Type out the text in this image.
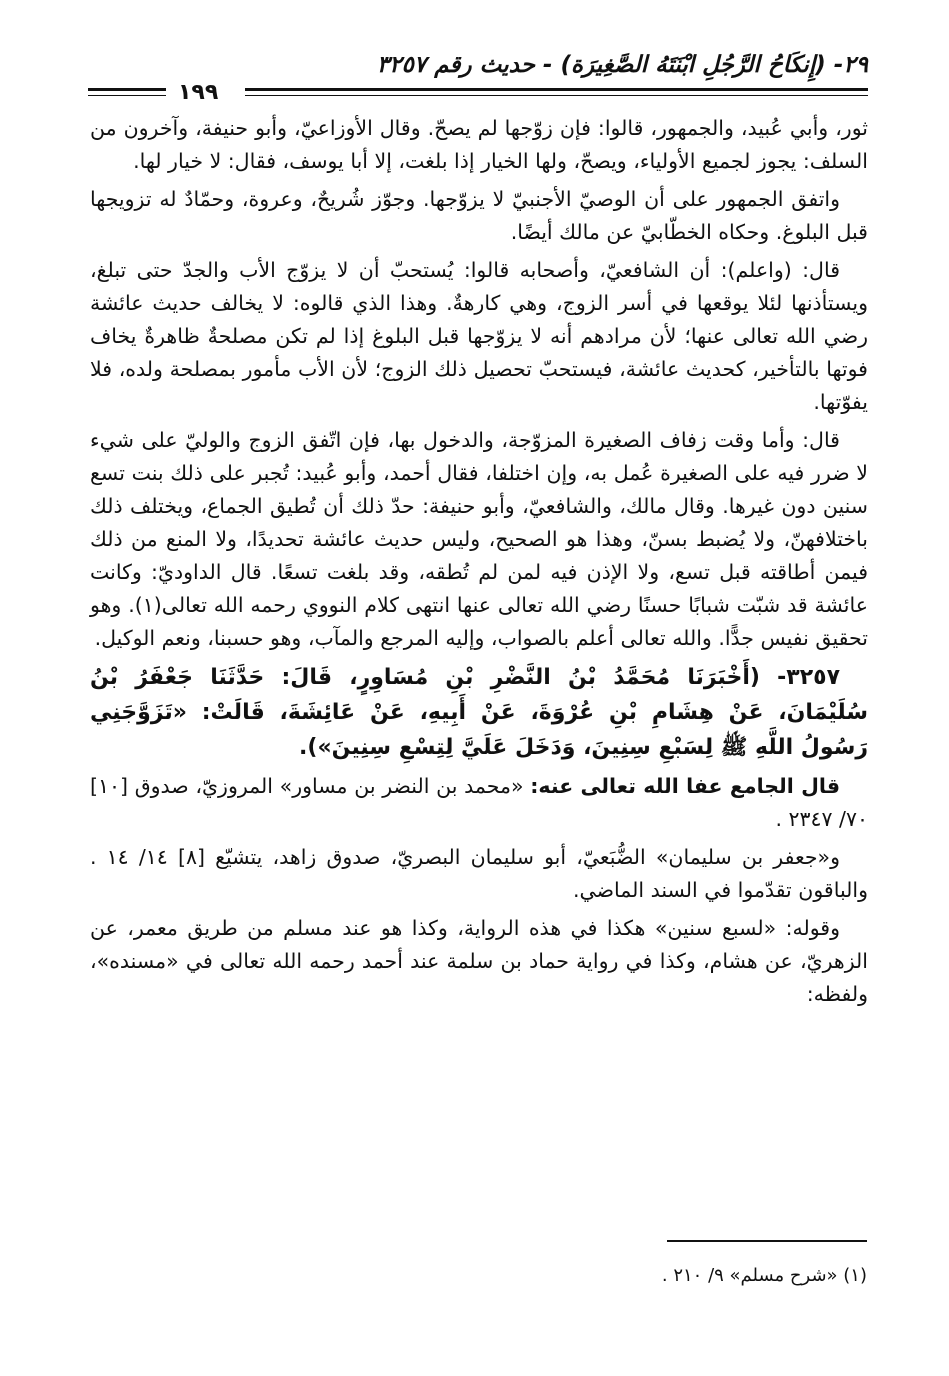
٢٩- (إِنكَاحُ الرَّجُلِ ابْنَتَهُ الصَّغِيرَة) - حديث رقم ٣٢٥٧
١٩٩

ثور، وأبي عُبيد، والجمهور، قالوا: فإن زوّجها لم يصحّ. وقال الأوزاعيّ، وأبو حنيفة، وآخرون من السلف: يجوز لجميع الأولياء، ويصحّ، ولها الخيار إذا بلغت، إلا أبا يوسف، فقال: لا خيار لها.

واتفق الجمهور على أن الوصيّ الأجنبيّ لا يزوّجها. وجوّز شُريحٌ، وعروة، وحمّادٌ له تزويجها قبل البلوغ. وحكاه الخطّابيّ عن مالك أيضًا.

قال: (واعلم): أن الشافعيّ، وأصحابه قالوا: يُستحبّ أن لا يزوّج الأب والجدّ حتى تبلغ، ويستأذنها لئلا يوقعها في أسر الزوج، وهي كارهةٌ. وهذا الذي قالوه: لا يخالف حديث عائشة رضي الله تعالى عنها؛ لأن مرادهم أنه لا يزوّجها قبل البلوغ إذا لم تكن مصلحةٌ ظاهرةٌ يخاف فوتها بالتأخير، كحديث عائشة، فيستحبّ تحصيل ذلك الزوج؛ لأن الأب مأمور بمصلحة ولده، فلا يفوّتها.

قال: وأما وقت زفاف الصغيرة المزوّجة، والدخول بها، فإن اتّفق الزوج والوليّ على شيء لا ضرر فيه على الصغيرة عُمل به، وإن اختلفا، فقال أحمد، وأبو عُبيد: تُجبر على ذلك بنت تسع سنين دون غيرها. وقال مالك، والشافعيّ، وأبو حنيفة: حدّ ذلك أن تُطيق الجماع، ويختلف ذلك باختلافهنّ، ولا يُضبط بسنّ، وهذا هو الصحيح، وليس حديث عائشة تحديدًا، ولا المنع من ذلك فيمن أطاقته قبل تسع، ولا الإذن فيه لمن لم تُطقه، وقد بلغت تسعًا. قال الداوديّ: وكانت عائشة قد شبّت شبابًا حسنًا رضي الله تعالى عنها انتهى كلام النووي رحمه الله تعالى(١). وهو تحقيق نفيس جدًّا. والله تعالى أعلم بالصواب، وإليه المرجع والمآب، وهو حسبنا، ونعم الوكيل.

٣٢٥٧- (أَخْبَرَنَا مُحَمَّدُ بْنُ النَّضْرِ بْنِ مُسَاوِرٍ، قَالَ: حَدَّثَنَا جَعْفَرُ بْنُ سُلَيْمَانَ، عَنْ هِشَامِ بْنِ عُرْوَةَ، عَنْ أَبِيهِ، عَنْ عَائِشَةَ، قَالَتْ: «تَزَوَّجَنِي رَسُولُ اللَّهِ ﷺ لِسَبْعِ سِنِينَ، وَدَخَلَ عَلَيَّ لِتِسْعِ سِنِينَ»).

قال الجامع عفا الله تعالى عنه: «محمد بن النضر بن مساور» المروزيّ، صدوق [١٠] ٧٠/ ٢٣٤٧ .

و«جعفر بن سليمان» الضُّبَعيّ، أبو سليمان البصريّ، صدوق زاهد، يتشيّع [٨] ١٤/ ١٤ . والباقون تقدّموا في السند الماضي.

وقوله: «لسبع سنين» هكذا في هذه الرواية، وكذا هو عند مسلم من طريق معمر، عن الزهريّ، عن هشام، وكذا في رواية حماد بن سلمة عند أحمد رحمه الله تعالى في «مسنده»، ولفظه:

(١) «شرح مسلم» ٩/ ٢١٠ .
